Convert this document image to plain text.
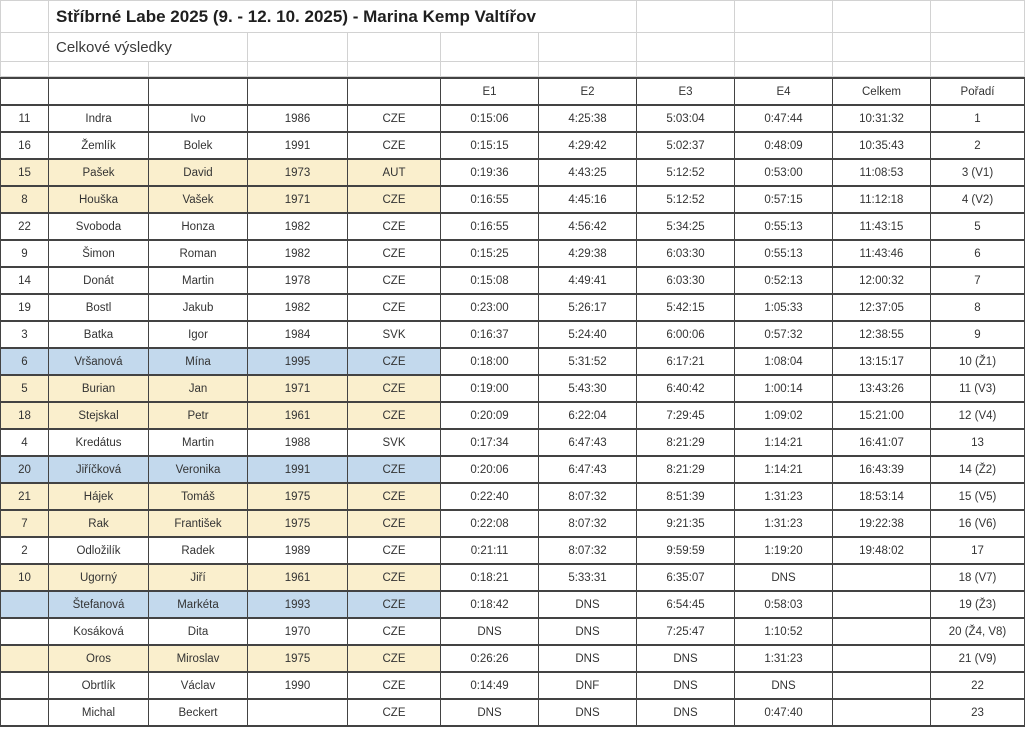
	Stříbrné Labe 2025 (9. - 12. 10. 2025) - Marina Kemp Valtířov									
	Celkové výsledky									

					E1	E2	E3	E4	Celkem	Pořadí
11	Indra	Ivo	1986	CZE	0:15:06	4:25:38	5:03:04	0:47:44	10:31:32	1
16	Žemlík	Bolek	1991	CZE	0:15:15	4:29:42	5:02:37	0:48:09	10:35:43	2
15	Pašek	David	1973	AUT	0:19:36	4:43:25	5:12:52	0:53:00	11:08:53	3 (V1)
8	Houška	Vašek	1971	CZE	0:16:55	4:45:16	5:12:52	0:57:15	11:12:18	4 (V2)
22	Svoboda	Honza	1982	CZE	0:16:55	4:56:42	5:34:25	0:55:13	11:43:15	5
9	Šimon	Roman	1982	CZE	0:15:25	4:29:38	6:03:30	0:55:13	11:43:46	6
14	Donát	Martin	1978	CZE	0:15:08	4:49:41	6:03:30	0:52:13	12:00:32	7
19	Bostl	Jakub	1982	CZE	0:23:00	5:26:17	5:42:15	1:05:33	12:37:05	8
3	Batka	Igor	1984	SVK	0:16:37	5:24:40	6:00:06	0:57:32	12:38:55	9
6	Vršanová	Mína	1995	CZE	0:18:00	5:31:52	6:17:21	1:08:04	13:15:17	10 (Ž1)
5	Burian	Jan	1971	CZE	0:19:00	5:43:30	6:40:42	1:00:14	13:43:26	11 (V3)
18	Stejskal	Petr	1961	CZE	0:20:09	6:22:04	7:29:45	1:09:02	15:21:00	12 (V4)
4	Kredátus	Martin	1988	SVK	0:17:34	6:47:43	8:21:29	1:14:21	16:41:07	13
20	Jiříčková	Veronika	1991	CZE	0:20:06	6:47:43	8:21:29	1:14:21	16:43:39	14 (Ž2)
21	Hájek	Tomáš	1975	CZE	0:22:40	8:07:32	8:51:39	1:31:23	18:53:14	15 (V5)
7	Rak	František	1975	CZE	0:22:08	8:07:32	9:21:35	1:31:23	19:22:38	16 (V6)
2	Odložilík	Radek	1989	CZE	0:21:11	8:07:32	9:59:59	1:19:20	19:48:02	17
10	Ugorný	Jiří	1961	CZE	0:18:21	5:33:31	6:35:07	DNS		18 (V7)
	Štefanová	Markéta	1993	CZE	0:18:42	DNS	6:54:45	0:58:03		19 (Ž3)
	Kosáková	Dita	1970	CZE	DNS	DNS	7:25:47	1:10:52		20 (Ž4, V8)
	Oros	Miroslav	1975	CZE	0:26:26	DNS	DNS	1:31:23		21 (V9)
	Obrtlík	Václav	1990	CZE	0:14:49	DNF	DNS	DNS		22
	Michal	Beckert		CZE	DNS	DNS	DNS	0:47:40		23
